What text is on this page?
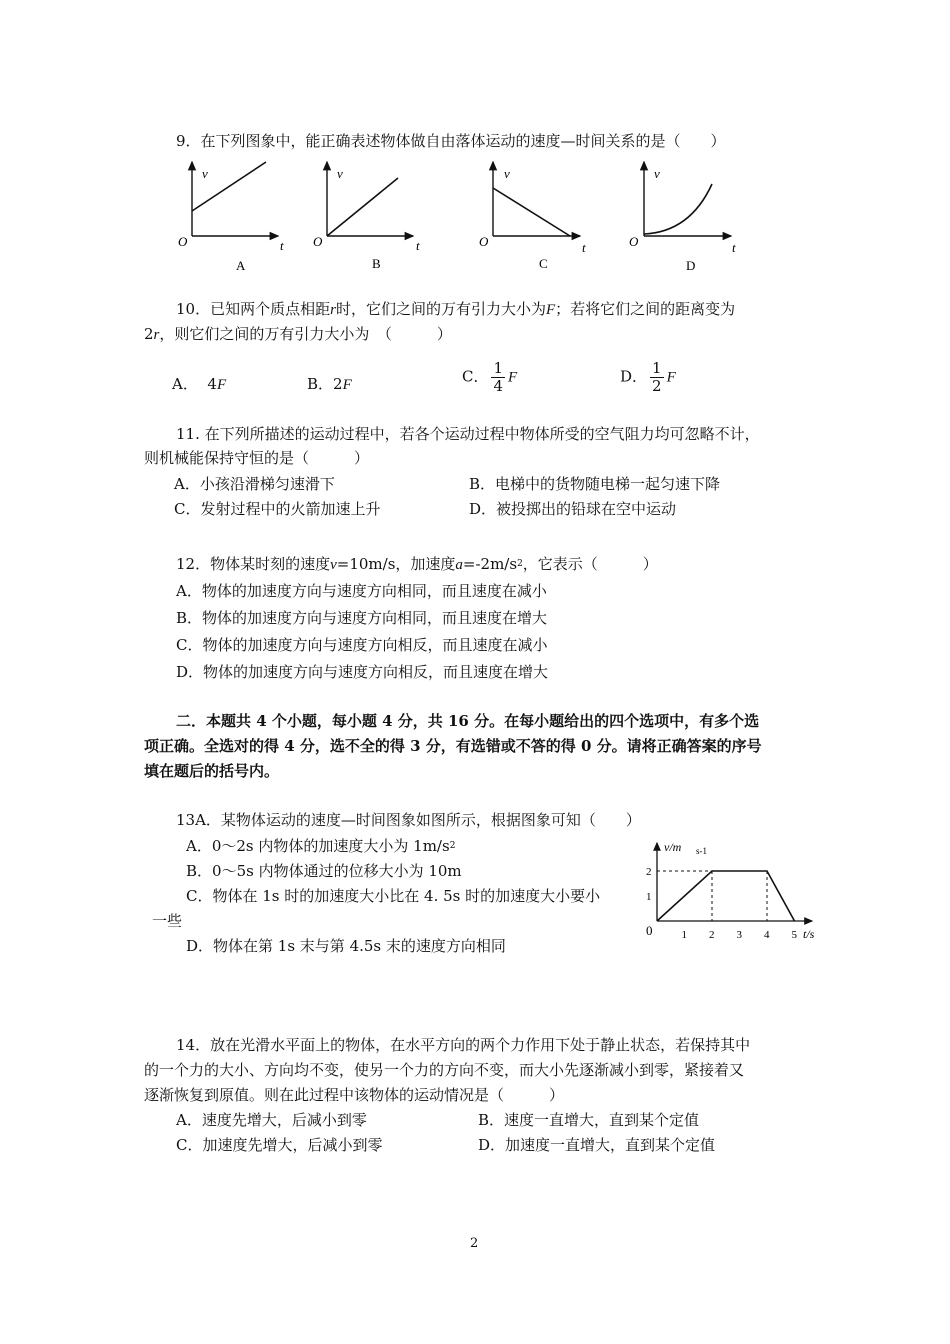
9．在下列图象中，能正确表述物体做自由落体运动的速度—时间关系的是（　　）
v
O	t
A
v
O	t
B
v
O	t
C
v
O	t
D
10．已知两个质点相距r时，它们之间的万有引力大小为F；若将它们之间的距离变为
2r，则它们之间的万有引力大小为　（　　　）
A． 4F	B．2F	C． $\frac{1}{4}$ F	D． $\frac{1}{2}$ F
11. 在下列所描述的运动过程中，若各个运动过程中物体所受的空气阻力均可忽略不计，
则机械能保持守恒的是（　　　）
A．小孩沿滑梯匀速滑下	B．电梯中的货物随电梯一起匀速下降
C．发射过程中的火箭加速上升	D．被投掷出的铅球在空中运动
12．物体某时刻的速度v=10m/s，加速度$a=-2m/s^2$，它表示（　　　）
A．物体的加速度方向与速度方向相同，而且速度在减小
B．物体的加速度方向与速度方向相同，而且速度在增大
C．物体的加速度方向与速度方向相反，而且速度在减小
D．物体的加速度方向与速度方向相反，而且速度在增大
二．本题共 4 个小题，每小题 4 分，共 16 分。在每小题给出的四个选项中，有多个选
项正确。全选对的得 4 分，选不全的得 3 分，有选错或不答的得 0 分。请将正确答案的序号
填在题后的括号内。
13A．某物体运动的速度—时间图象如图所示，根据图象可知（　　）
A．0～2s 内物体的加速度大小为 $1m/s^2$
B．0～5s 内物体通过的位移大小为 10m
C．物体在 1s 时的加速度大小比在 4. 5s 时的加速度大小要小
一些
D．物体在第 1s 末与第 4.5s 末的速度方向相同
1 2 3 4 5
1
2
v/m s-1
t/s
0
14．放在光滑水平面上的物体，在水平方向的两个力作用下处于静止状态，若保持其中
的一个力的大小、方向均不变，使另一个力的方向不变，而大小先逐渐减小到零，紧接着又
逐渐恢复到原值。则在此过程中该物体的运动情况是（　　　）
A．速度先增大，后减小到零	B．速度一直增大，直到某个定值
C．加速度先增大，后减小到零	D．加速度一直增大，直到某个定值
2
